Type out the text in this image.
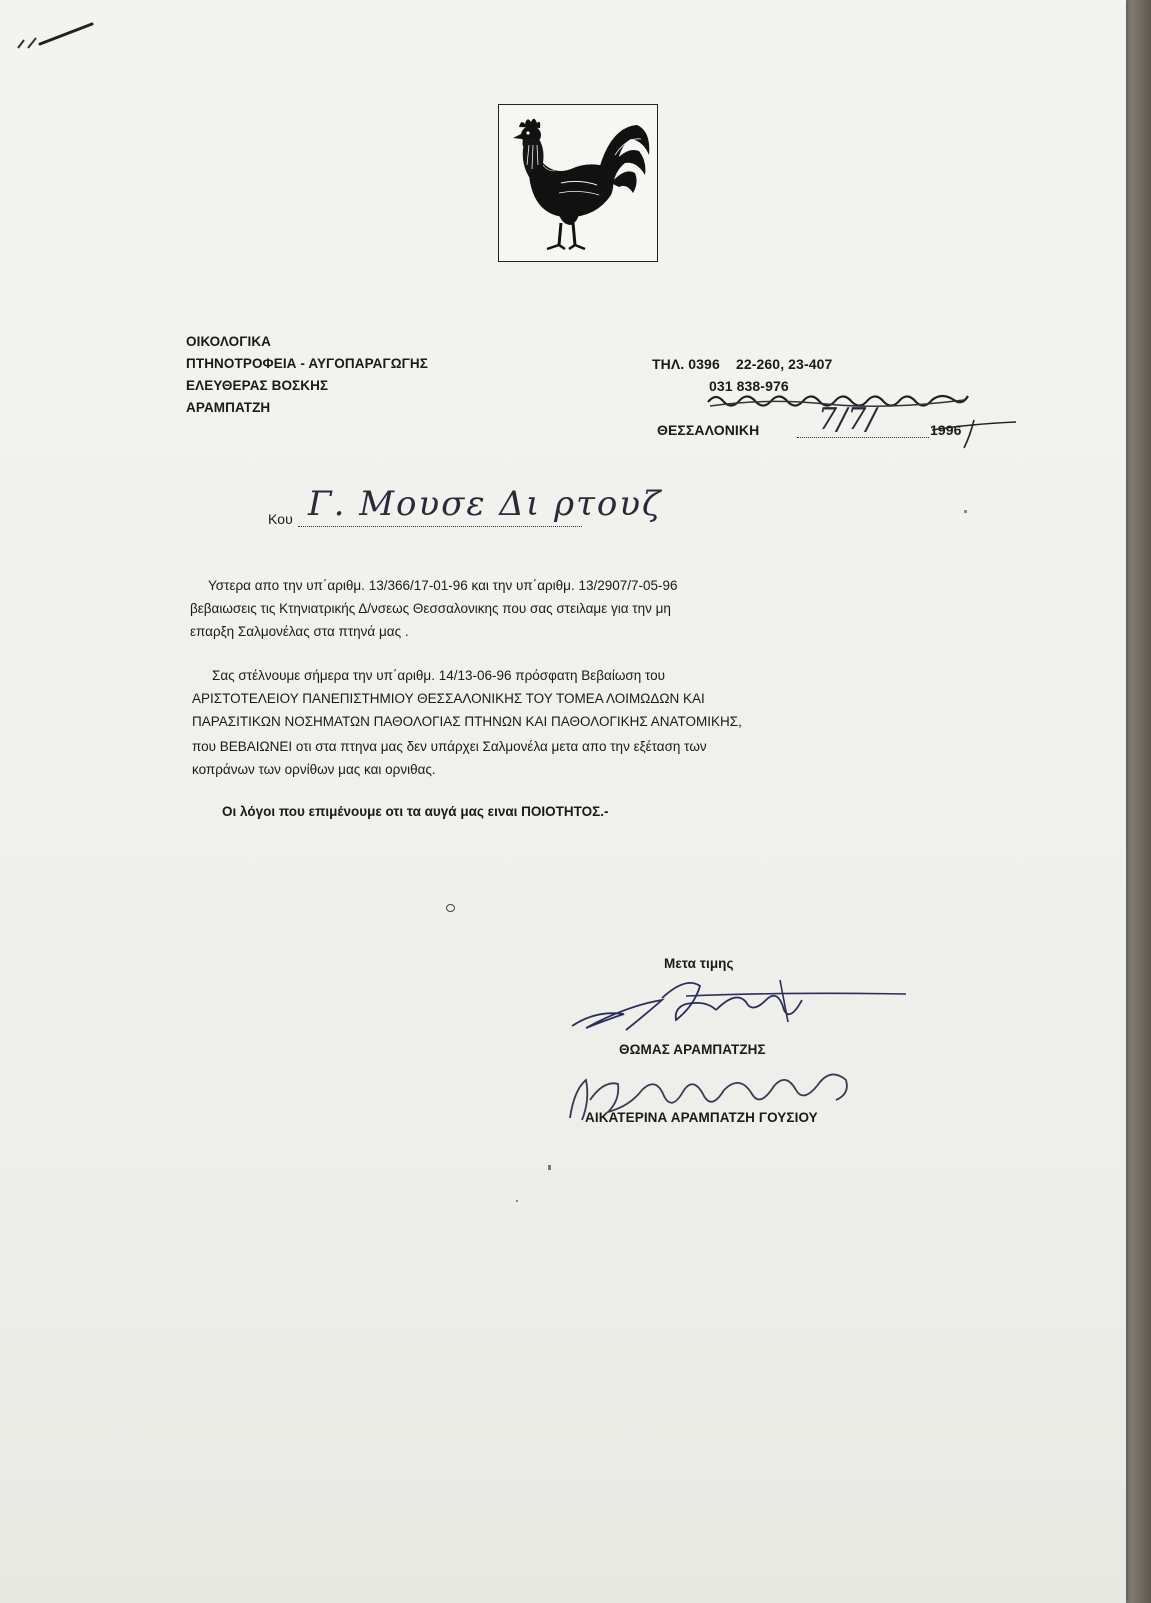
ΟΙΚΟΛΟΓΙΚΑ
ΠΤΗΝΟΤΡΟΦΕΙΑ - ΑΥΓΟΠΑΡΑΓΩΓΗΣ
ΕΛΕΥΘΕΡΑΣ ΒΟΣΚΗΣ
ΑΡΑΜΠΑΤΖΗ
ΤΗΛ. 0396 22-260, 23-407
031 838-976
ΘΕΣΣΑΛΟΝΙΚΗ 7/7/	1996
Κου Γ. Μουσε Δι ρτουζ
Υστερα απο την υπ΄αριθμ. 13/366/17-01-96 και την υπ΄αριθμ. 13/2907/7-05-96
βεβαιωσεις τις Κτηνιατρικής Δ/νσεως Θεσσαλονικης που σας στειλαμε για την μη
επαρξη Σαλμονέλας στα πτηνά μας .
Σας στέλνουμε σήμερα την υπ΄αριθμ. 14/13-06-96 πρόσφατη Βεβαίωση του
ΑΡΙΣΤΟΤΕΛΕΙΟΥ ΠΑΝΕΠΙΣΤΗΜΙΟΥ ΘΕΣΣΑΛΟΝΙΚΗΣ ΤΟΥ ΤΟΜΕΑ ΛΟΙΜΩΔΩΝ ΚΑΙ
ΠΑΡΑΣΙΤΙΚΩΝ ΝΟΣΗΜΑΤΩΝ ΠΑΘΟΛΟΓΙΑΣ ΠΤΗΝΩΝ ΚΑΙ ΠΑΘΟΛΟΓΙΚΗΣ ΑΝΑΤΟΜΙΚΗΣ,
που ΒΕΒΑΙΩΝΕΙ οτι στα πτηνα μας δεν υπάρχει Σαλμονέλα μετα απο την εξέταση των
κοπράνων των ορνίθων μας και ορνιθας.
Οι λόγοι που επιμένουμε οτι τα αυγά μας ειναι ΠΟΙΟΤΗΤΟΣ.-
Μετα τιμης
ΘΩΜΑΣ ΑΡΑΜΠΑΤΖΗΣ
ΑΙΚΑΤΕΡΙΝΑ ΑΡΑΜΠΑΤΖΗ ΓΟΥΣΙΟΥ
